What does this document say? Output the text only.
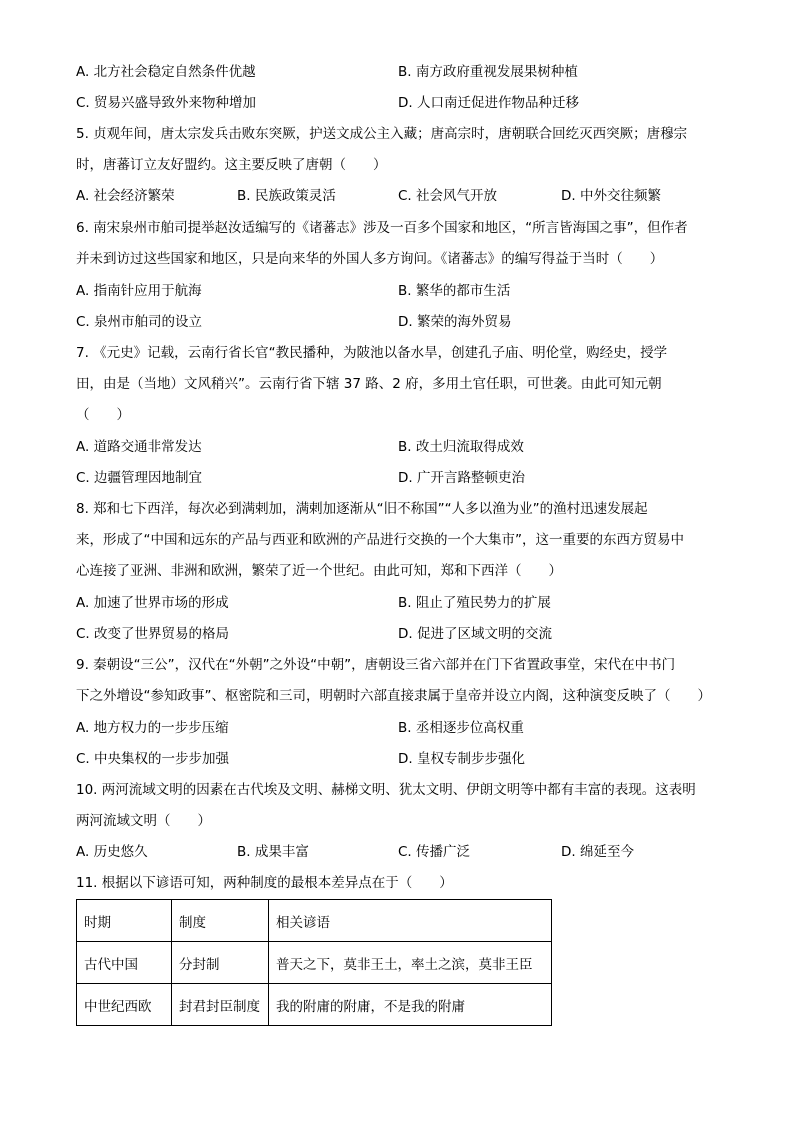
A. 北方社会稳定自然条件优越	B. 南方政府重视发展果树种植
C. 贸易兴盛导致外来物种增加	D. 人口南迁促进作物品种迁移
5. 贞观年间，唐太宗发兵击败东突厥，护送文成公主入藏；唐高宗时，唐朝联合回纥灭西突厥；唐穆宗
时，唐蕃订立友好盟约。这主要反映了唐朝（　　）
A. 社会经济繁荣	B. 民族政策灵活	C. 社会风气开放	D. 中外交往频繁
6. 南宋泉州市舶司提举赵汝适编写的《诸蕃志》涉及一百多个国家和地区，“所言皆海国之事”，但作者
并未到访过这些国家和地区，只是向来华的外国人多方询问。《诸蕃志》的编写得益于当时（　　）
A. 指南针应用于航海	B. 繁华的都市生活
C. 泉州市舶司的设立	D. 繁荣的海外贸易
7. 《元史》记载，云南行省长官“教民播种，为陂池以备水旱，创建孔子庙、明伦堂，购经史，授学
田，由是（当地）文风稍兴”。云南行省下辖 37 路、2 府，多用土官任职，可世袭。由此可知元朝
（　　）
A. 道路交通非常发达	B. 改土归流取得成效
C. 边疆管理因地制宜	D. 广开言路整顿吏治
8. 郑和七下西洋，每次必到满剌加，满剌加逐渐从“旧不称国”“人多以渔为业”的渔村迅速发展起
来，形成了“中国和远东的产品与西亚和欧洲的产品进行交换的一个大集市”，这一重要的东西方贸易中
心连接了亚洲、非洲和欧洲，繁荣了近一个世纪。由此可知，郑和下西洋（　　）
A. 加速了世界市场的形成	B. 阻止了殖民势力的扩展
C. 改变了世界贸易的格局	D. 促进了区域文明的交流
9. 秦朝设“三公”，汉代在“外朝”之外设“中朝”，唐朝设三省六部并在门下省置政事堂，宋代在中书门
下之外增设“参知政事”、枢密院和三司，明朝时六部直接隶属于皇帝并设立内阁，这种演变反映了（　　）
A. 地方权力的一步步压缩	B. 丞相逐步位高权重
C. 中央集权的一步步加强	D. 皇权专制步步强化
10. 两河流域文明的因素在古代埃及文明、赫梯文明、犹太文明、伊朗文明等中都有丰富的表现。这表明
两河流域文明（　　）
A. 历史悠久	B. 成果丰富	C. 传播广泛	D. 绵延至今
11. 根据以下谚语可知，两种制度的最根本差异点在于（　　）
时期	制度	相关谚语
古代中国	分封制	普天之下，莫非王土，率土之滨，莫非王臣
中世纪西欧	封君封臣制度	我的附庸的附庸，不是我的附庸
